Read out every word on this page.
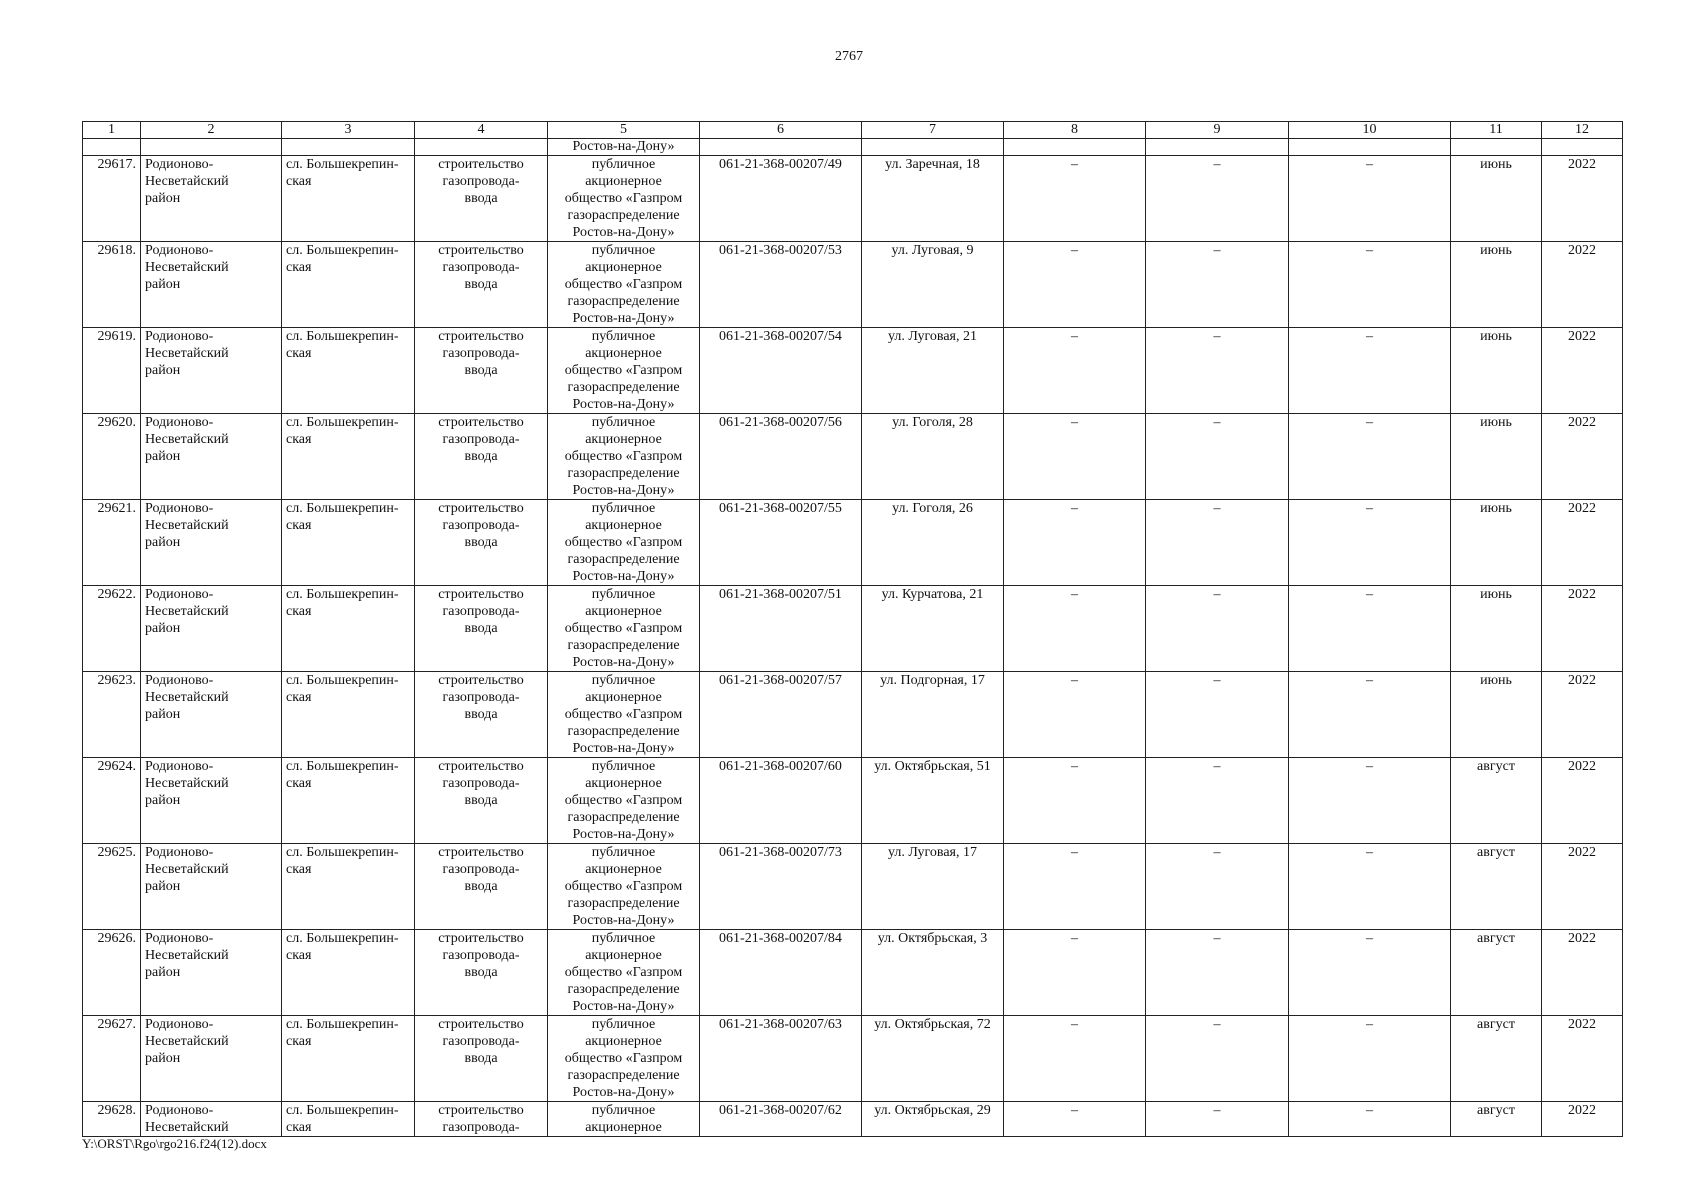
2767
1	2	3	4	5	6	7	8	9	10	11	12
				Ростов-на-Дону»							
29617.	Родионово-
Несветайский
район	сл. Большекрепин-
ская	строительство
газопровода-
ввода	публичное
акционерное
общество «Газпром
газораспределение
Ростов-на-Дону»	061-21-368-00207/49	ул. Заречная, 18	–	–	–	июнь	2022
29618.	Родионово-
Несветайский
район	сл. Большекрепин-
ская	строительство
газопровода-
ввода	публичное
акционерное
общество «Газпром
газораспределение
Ростов-на-Дону»	061-21-368-00207/53	ул. Луговая, 9	–	–	–	июнь	2022
29619.	Родионово-
Несветайский
район	сл. Большекрепин-
ская	строительство
газопровода-
ввода	публичное
акционерное
общество «Газпром
газораспределение
Ростов-на-Дону»	061-21-368-00207/54	ул. Луговая, 21	–	–	–	июнь	2022
29620.	Родионово-
Несветайский
район	сл. Большекрепин-
ская	строительство
газопровода-
ввода	публичное
акционерное
общество «Газпром
газораспределение
Ростов-на-Дону»	061-21-368-00207/56	ул. Гоголя, 28	–	–	–	июнь	2022
29621.	Родионово-
Несветайский
район	сл. Большекрепин-
ская	строительство
газопровода-
ввода	публичное
акционерное
общество «Газпром
газораспределение
Ростов-на-Дону»	061-21-368-00207/55	ул. Гоголя, 26	–	–	–	июнь	2022
29622.	Родионово-
Несветайский
район	сл. Большекрепин-
ская	строительство
газопровода-
ввода	публичное
акционерное
общество «Газпром
газораспределение
Ростов-на-Дону»	061-21-368-00207/51	ул. Курчатова, 21	–	–	–	июнь	2022
29623.	Родионово-
Несветайский
район	сл. Большекрепин-
ская	строительство
газопровода-
ввода	публичное
акционерное
общество «Газпром
газораспределение
Ростов-на-Дону»	061-21-368-00207/57	ул. Подгорная, 17	–	–	–	июнь	2022
29624.	Родионово-
Несветайский
район	сл. Большекрепин-
ская	строительство
газопровода-
ввода	публичное
акционерное
общество «Газпром
газораспределение
Ростов-на-Дону»	061-21-368-00207/60	ул. Октябрьская, 51	–	–	–	август	2022
29625.	Родионово-
Несветайский
район	сл. Большекрепин-
ская	строительство
газопровода-
ввода	публичное
акционерное
общество «Газпром
газораспределение
Ростов-на-Дону»	061-21-368-00207/73	ул. Луговая, 17	–	–	–	август	2022
29626.	Родионово-
Несветайский
район	сл. Большекрепин-
ская	строительство
газопровода-
ввода	публичное
акционерное
общество «Газпром
газораспределение
Ростов-на-Дону»	061-21-368-00207/84	ул. Октябрьская, 3	–	–	–	август	2022
29627.	Родионово-
Несветайский
район	сл. Большекрепин-
ская	строительство
газопровода-
ввода	публичное
акционерное
общество «Газпром
газораспределение
Ростов-на-Дону»	061-21-368-00207/63	ул. Октябрьская, 72	–	–	–	август	2022
29628.	Родионово-
Несветайский	сл. Большекрепин-
ская	строительство
газопровода-	публичное
акционерное	061-21-368-00207/62	ул. Октябрьская, 29	–	–	–	август	2022
Y:\ORST\Rgo\rgo216.f24(12).docx
